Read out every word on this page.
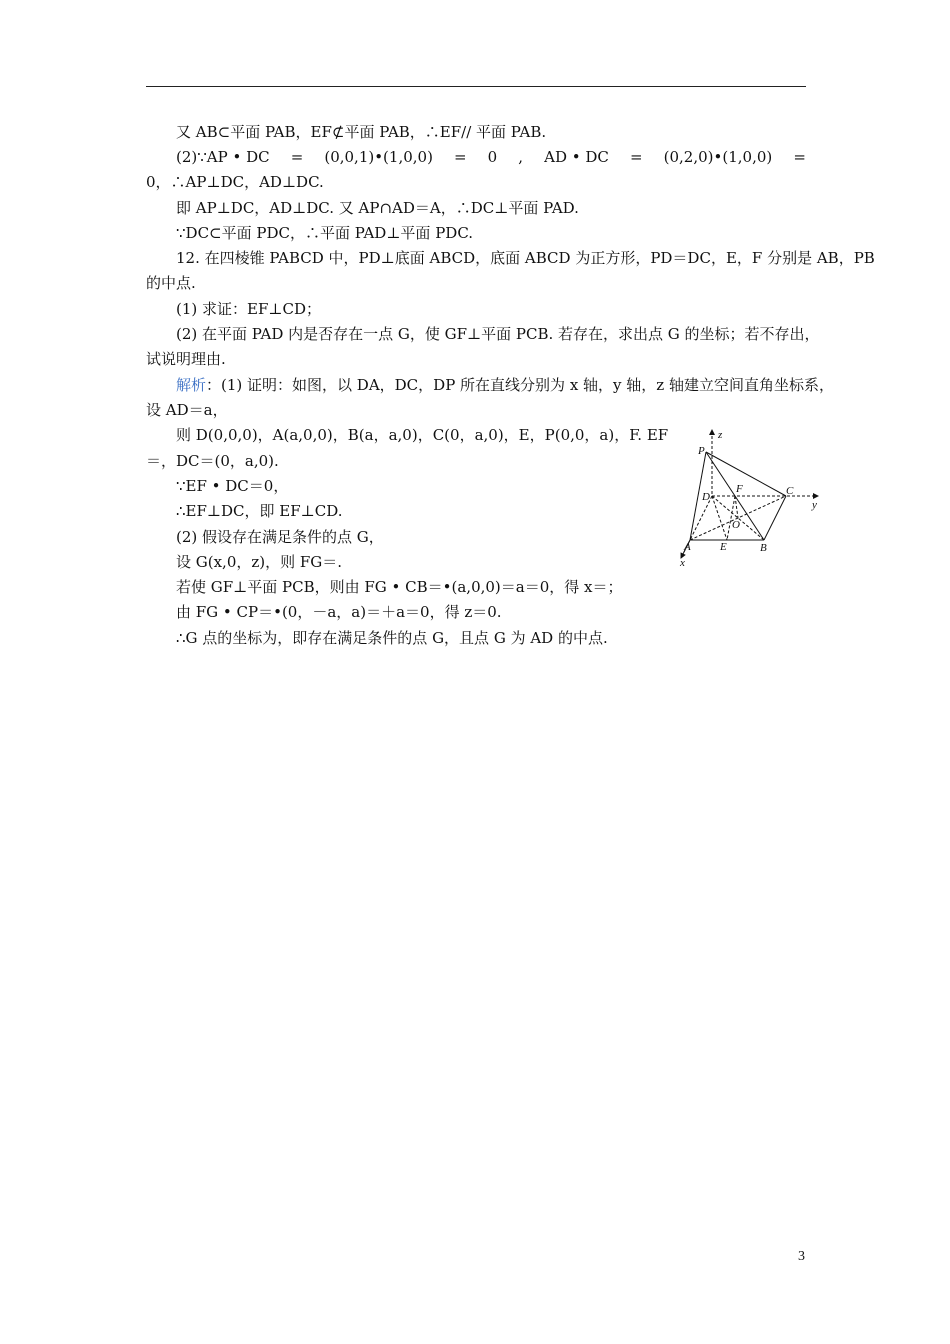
又 AB⊂平面 PAB，EF⊄平面 PAB，∴EF// 平面 PAB.
(2)∵AP • DC = (0,0,1)•(1,0,0) = 0 , AD • DC = (0,2,0)•(1,0,0) =
0，∴AP⊥DC，AD⊥DC.
即 AP⊥DC，AD⊥DC. 又 AP∩AD＝A，∴DC⊥平面 PAD.
∵DC⊂平面 PDC，∴平面 PAD⊥平面 PDC.
12. 在四棱锥 PABCD 中，PD⊥底面 ABCD，底面 ABCD 为正方形，PD＝DC，E，F 分别是 AB，PB
的中点.
(1) 求证：EF⊥CD；
(2) 在平面 PAD 内是否存在一点 G，使 GF⊥平面 PCB. 若存在，求出点 G 的坐标；若不存出，
试说明理由.
解析：(1) 证明：如图，以 DA，DC，DP 所在直线分别为 x 轴，y 轴，z 轴建立空间直角坐标系，
设 AD＝a，
则 D(0,0,0)，A(a,0,0)，B(a，a,0)，C(0，a,0)，E，P(0,0，a)，F. EF
＝，DC＝(0，a,0).
∵EF • DC＝0，
∴EF⊥DC，即 EF⊥CD.
(2) 假设存在满足条件的点 G，
设 G(x,0，z)，则 FG＝.
若使 GF⊥平面 PCB，则由 FG • CB＝•(a,0,0)＝a＝0，得 x＝；
由 FG • CP＝•(0，－a，a)＝＋a＝0，得 z＝0.
∴G 点的坐标为，即存在满足条件的点 G，且点 G 为 AD 的中点.
z
y
x
P
D
F	C
O
A	E	B
3
